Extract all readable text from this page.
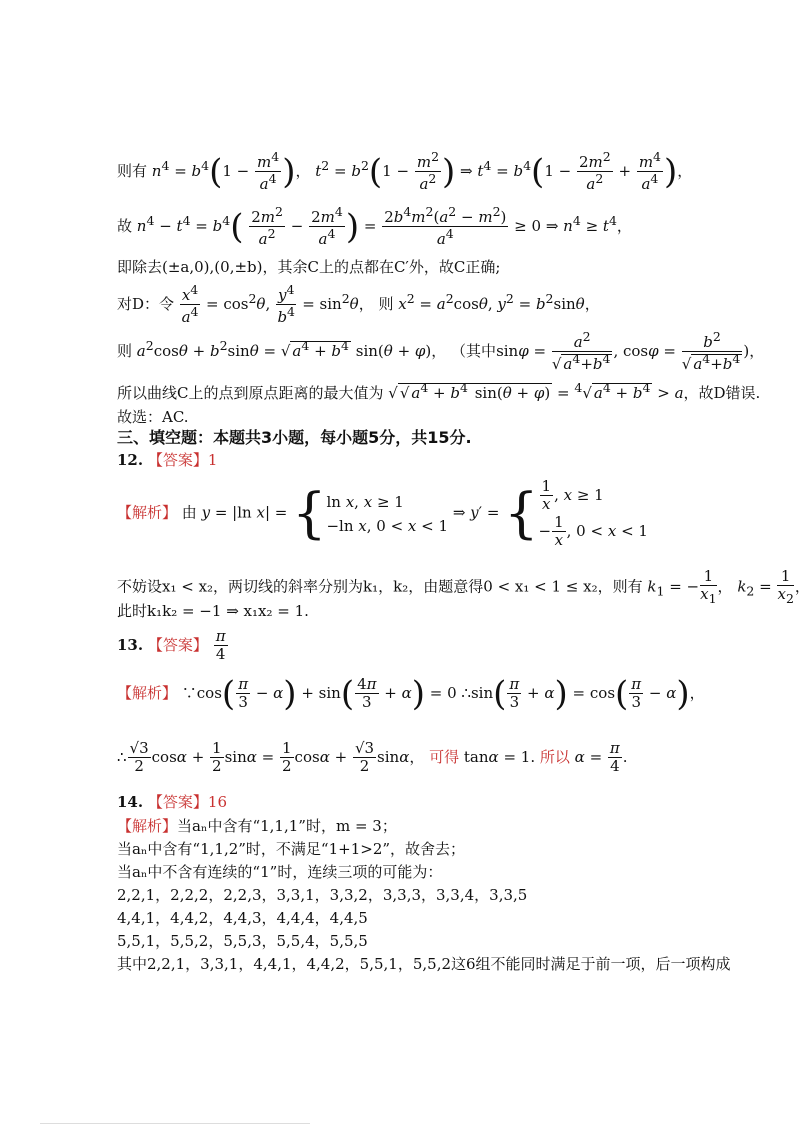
则有 $n^4 = b^4(1 - \frac{m^4}{a^4}$ )， $t^2 = b^2(1 - \frac{m^2}{a^2}$ ) ⇒ $t^4 = b^4(1 - \frac{2m^2}{a^2} + \frac{m^4}{a^4}$ )，
故 $n^4 - t^4 = b^4( \frac{2m^2}{a^2} - \frac{2m^4}{a^4}$ ) = $\frac{2b^4m^2(a^2 - m^2)}{a^4} \ge 0$ ⇒ $n^4 \ge t^4$，
即除去(±a,0),(0,±b)，其余C上的点都在C′外，故C正确;
对D：令 $\frac{x^4}{a^4} = \cos^2\theta$, $\frac{y^4}{b^4} = \sin^2\theta$， 则 $x^2 = a^2\cos\theta$, $y^2 = b^2\sin\theta$，
则 $a^2\cos\theta + b^2\sin\theta$ = √ $a^4 + b^4$ sin(θ + φ)， （其中$\sin\varphi = \frac{a^2}{√ a^4+b^4}$ , $\cos\varphi = \frac{b^2}{√ a^4+b^4}$ )，
所以曲线C上的点到原点距离的最大值为 √ √ $a^4 + b^4$ sin(θ + φ) = $^4$√ $a^4 + b^4 > a$，故D错误.
故选：AC.
三、填空题：本题共3小题，每小题5分，共15分.
12. 【答案】1
【解析】 由 y = |ln x| = {ln x, x ≥ 1
−ln x, 0 < x < 1 ⇒ y′ = { $\frac{1}{x}$ , x ≥ 1
− $\frac{1}{x}$ , 0 < x < 1
不妨设x₁ < x₂，两切线的斜率分别为k₁，k₂，由题意得0 < x₁ < 1 ≤ x₂，则有 $k_1$ = − $\frac{1}{x_1}$ ， $k_2 = \frac{1}{x_2}$ ，
此时k₁k₂ = −1 ⇒ x₁x₂ = 1.
13. 【答案】 $\frac{\pi}{4}$
【解析】 ∵cos( $\frac{\pi}{3} - \alpha) + \sin( \frac{4\pi}{3} + \alpha) = 0$ ∴sin( $\frac{\pi}{3} + \alpha) = \cos( \frac{\pi}{3} - \alpha)$，
∴ $\frac{√3}{2}$ $\cos\alpha + \frac{1}{2}$ $\sin\alpha = \frac{1}{2}$ $\cos\alpha + \frac{√3}{2}$ sinα， 可得 tanα = 1. 所以 $\alpha = \frac{\pi}{4}$ .
14. 【答案】16
【解析】当aₙ中含有“1,1,1”时，m = 3；
当aₙ中含有“1,1,2”时，不满足“1+1>2”，故舍去；
当aₙ中不含有连续的“1”时，连续三项的可能为：
2,2,1，2,2,2，2,2,3，3,3,1，3,3,2，3,3,3，3,3,4，3,3,5
4,4,1，4,4,2，4,4,3，4,4,4，4,4,5
5,5,1，5,5,2，5,5,3，5,5,4，5,5,5
其中2,2,1，3,3,1，4,4,1，4,4,2，5,5,1，5,5,2这6组不能同时满足于前一项，后一项构成
